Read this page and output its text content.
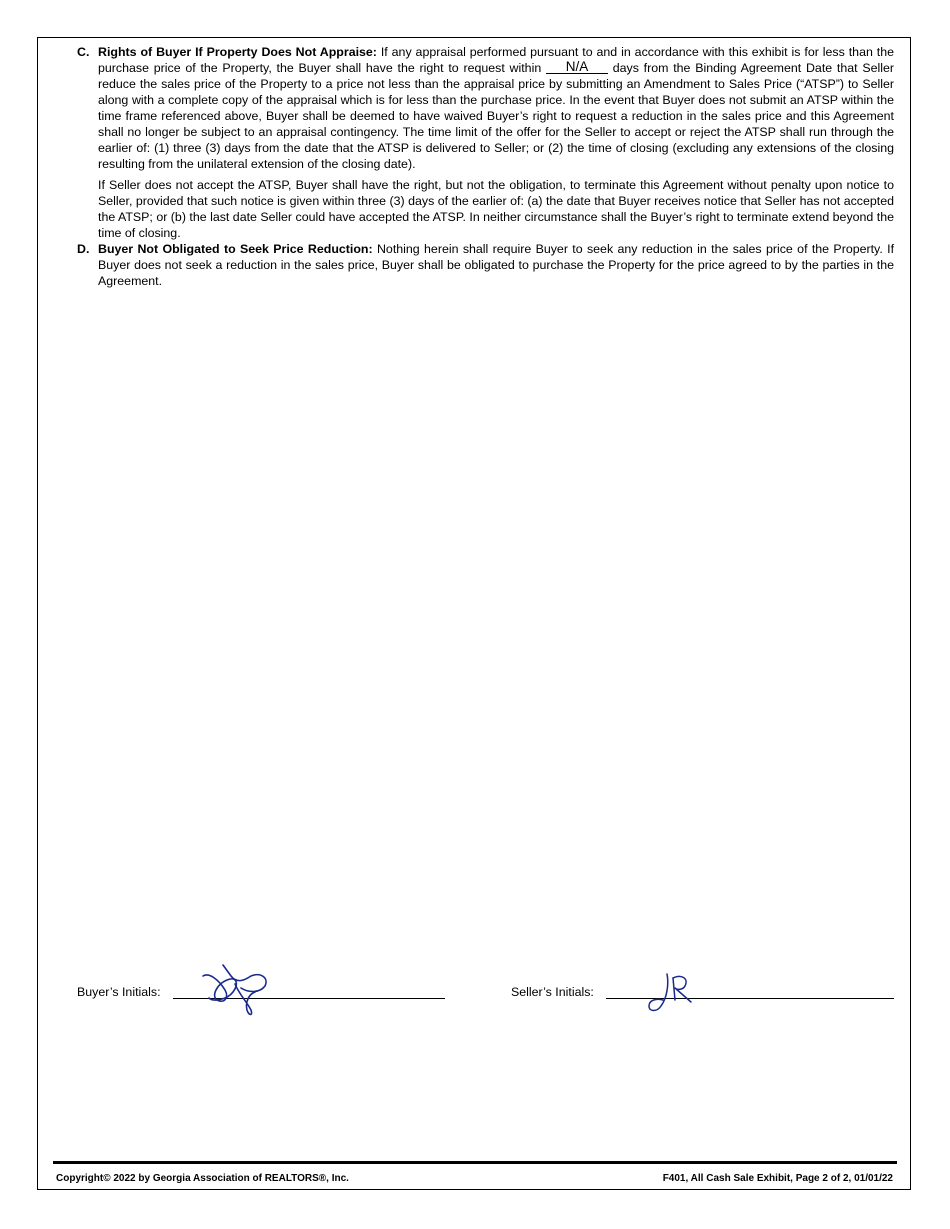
C. Rights of Buyer If Property Does Not Appraise: If any appraisal performed pursuant to and in accordance with this exhibit is for less than the purchase price of the Property, the Buyer shall have the right to request within N/A days from the Binding Agreement Date that Seller reduce the sales price of the Property to a price not less than the appraisal price by submitting an Amendment to Sales Price (“ATSP”) to Seller along with a complete copy of the appraisal which is for less than the purchase price. In the event that Buyer does not submit an ATSP within the time frame referenced above, Buyer shall be deemed to have waived Buyer’s right to request a reduction in the sales price and this Agreement shall no longer be subject to an appraisal contingency. The time limit of the offer for the Seller to accept or reject the ATSP shall run through the earlier of: (1) three (3) days from the date that the ATSP is delivered to Seller; or (2) the time of closing (excluding any extensions of the closing resulting from the unilateral extension of the closing date).

If Seller does not accept the ATSP, Buyer shall have the right, but not the obligation, to terminate this Agreement without penalty upon notice to Seller, provided that such notice is given within three (3) days of the earlier of: (a) the date that Buyer receives notice that Seller has not accepted the ATSP; or (b) the last date Seller could have accepted the ATSP. In neither circumstance shall the Buyer’s right to terminate extend beyond the time of closing.

D. Buyer Not Obligated to Seek Price Reduction: Nothing herein shall require Buyer to seek any reduction in the sales price of the Property. If Buyer does not seek a reduction in the sales price, Buyer shall be obligated to purchase the Property for the price agreed to by the parties in the Agreement.

Buyer’s Initials:	Seller’s Initials:
Copyright© 2022 by Georgia Association of REALTORS®, Inc.	F401, All Cash Sale Exhibit, Page 2 of 2, 01/01/22
